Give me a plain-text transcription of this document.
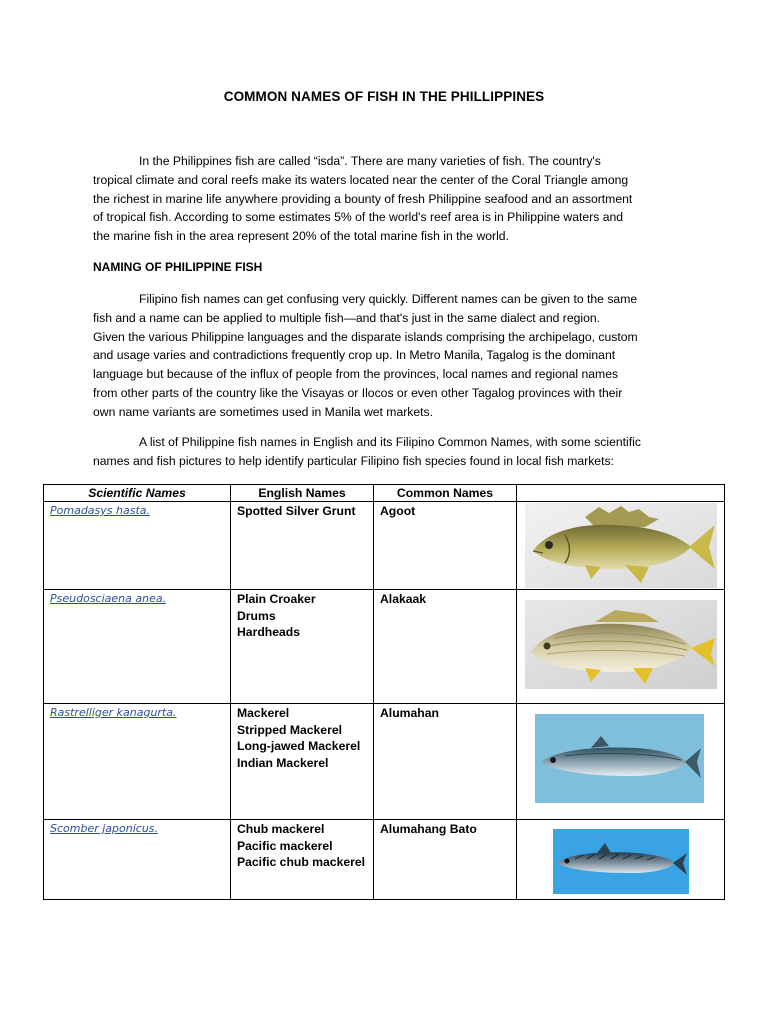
COMMON NAMES OF FISH IN THE PHILLIPPINES
In the Philippines fish are called “isda”. There are many varieties of fish. The country's
tropical climate and coral reefs make its waters located near the center of the Coral Triangle among
the richest in marine life anywhere providing a bounty of fresh Philippine seafood and an assortment
of tropical fish. According to some estimates 5% of the world's reef area is in Philippine waters and
the marine fish in the area represent 20% of the total marine fish in the world.
NAMING OF PHILIPPINE FISH
Filipino fish names can get confusing very quickly. Different names can be given to the same
fish and a name can be applied to multiple fish—and that's just in the same dialect and region.
Given the various Philippine languages and the disparate islands comprising the archipelago, custom
and usage varies and contradictions frequently crop up. In Metro Manila, Tagalog is the dominant
language but because of the influx of people from the provinces, local names and regional names
from other parts of the country like the Visayas or Ilocos or even other Tagalog provinces with their
own name variants are sometimes used in Manila wet markets.
A list of Philippine fish names in English and its Filipino Common Names, with some scientific
names and fish pictures to help identify particular Filipino fish species found in local fish markets:
Scientific Names	English Names	Common Names	
Pomadasys hasta.	Spotted Silver Grunt	Agoot	

Pseudosciaena anea.	Plain Croaker
Drums
Hardheads	Alakaak	

Rastrelliger kanagurta.	Mackerel
Stripped Mackerel
Long-jawed Mackerel
Indian Mackerel	Alumahan	

Scomber japonicus.	Chub mackerel
Pacific mackerel
Pacific chub mackerel	Alumahang Bato	
